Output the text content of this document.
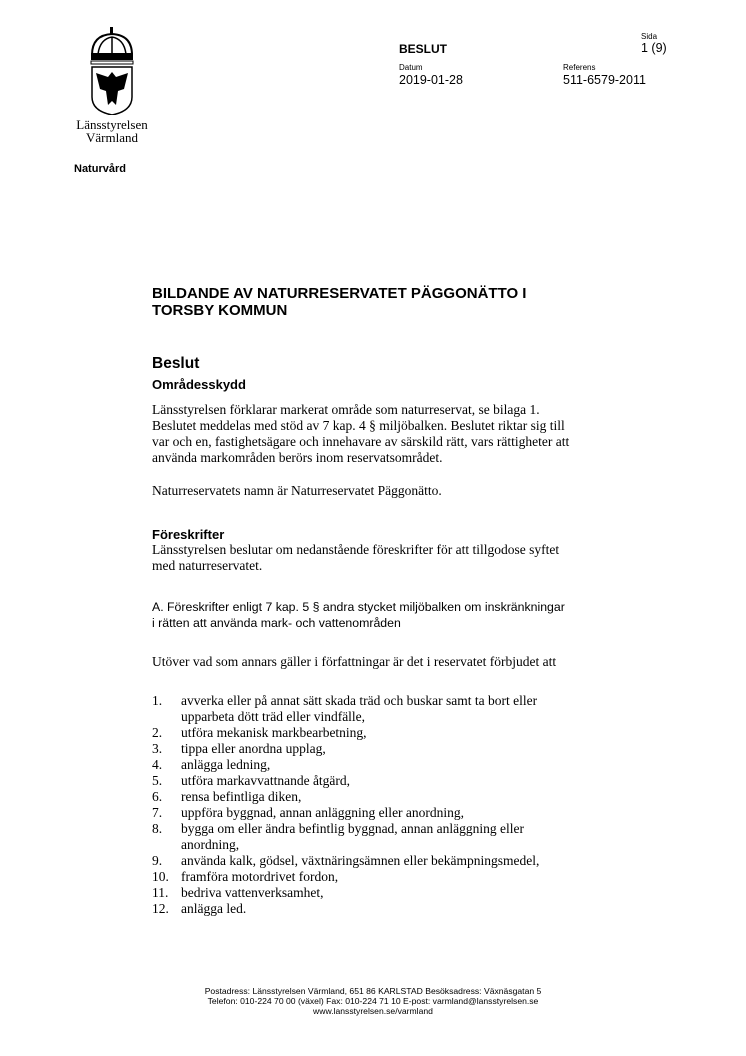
Länsstyrelsen
Värmland
Naturvård
BESLUT
Sida
1 (9)
Datum
2019-01-28
Referens
511-6579-2011
BILDANDE AV NATURRESERVATET PÄGGONÄTTO I
TORSBY KOMMUN
Beslut
Områdesskydd

Länsstyrelsen förklarar markerat område som naturreservat, se bilaga 1.

Beslutet meddelas med stöd av 7 kap. 4 § miljöbalken. Beslutet riktar sig till

var och en, fastighetsägare och innehavare av särskild rätt, vars rättigheter att

använda markområden berörs inom reservatsområdet.

Naturreservatets namn är Naturreservatet Päggonätto.
Föreskrifter

Länsstyrelsen beslutar om nedanstående föreskrifter för att tillgodose syftet

med naturreservatet.

A. Föreskrifter enligt 7 kap. 5 § andra stycket miljöbalken om inskränkningar
i rätten att använda mark- och vattenområden
Utöver vad som annars gäller i författningar är det i reservatet förbjudet att
1. avverka eller på annat sätt skada träd och buskar samt ta bort eller
upparbeta dött träd eller vindfälle,
2. utföra mekanisk markbearbetning,
3. tippa eller anordna upplag,
4. anlägga ledning,
5. utföra markavvattnande åtgärd,
6. rensa befintliga diken,
7. uppföra byggnad, annan anläggning eller anordning,
8. bygga om eller ändra befintlig byggnad, annan anläggning eller
anordning,
9. använda kalk, gödsel, växtnäringsämnen eller bekämpningsmedel,
10. framföra motordrivet fordon,
11. bedriva vattenverksamhet,
12. anlägga led.
Postadress: Länsstyrelsen Värmland, 651 86 KARLSTAD Besöksadress: Växnäsgatan 5
Telefon: 010-224 70 00 (växel) Fax: 010-224 71 10 E-post: varmland@lansstyrelsen.se
www.lansstyrelsen.se/varmland
